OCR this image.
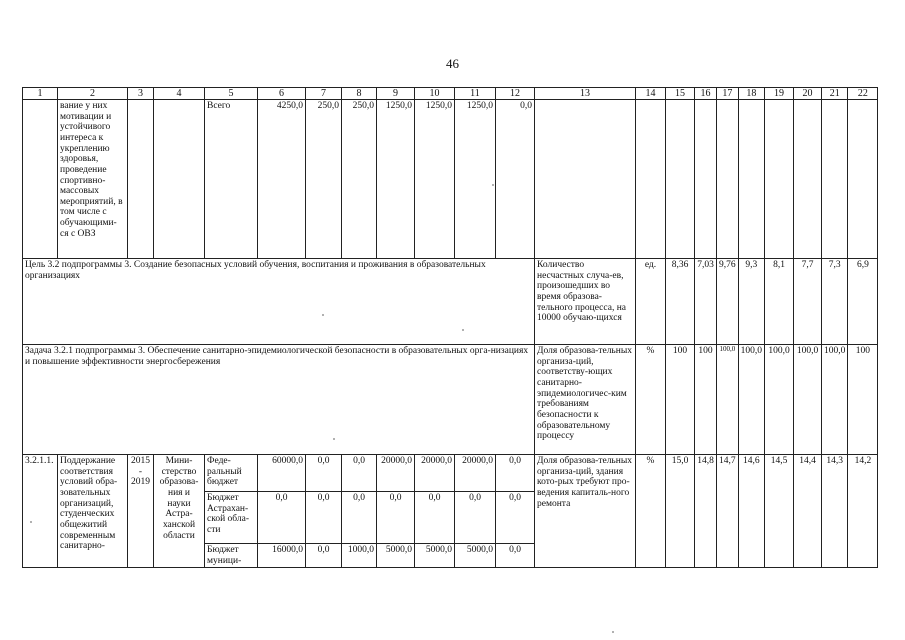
46
1	2	3	4	5	6	7	8	9	10	11	12	13	14	15	16	17	18	19	20	21	22
	вание у них мотивации и устойчивого интереса к укреплению здоровья, проведение спортивно-массовых мероприятий, в том числе с обучающими-ся с ОВЗ			Всего	4250,0	250,0	250,0	1250,0	1250,0	1250,0	0,0										
Цель 3.2 подпрограммы 3. Создание безопасных условий обучения, воспитания и проживания в образовательных организациях												Количество несчастных случа-ев, произошедших во время образова-тельного процесса, на 10000 обучаю-щихся	ед.	8,36	7,03	9,76	9,3	8,1	7,7	7,3	6,9
Задача 3.2.1 подпрограммы 3. Обеспечение санитарно-эпидемиологической безопасности в образовательных орга-низациях и повышение эффективности энергосбережения												Доля образова-тельных организа-ций, соответству-ющих санитарно-эпидемиологичес-ким требованиям безопасности к образовательному процессу	%	100	100	100,0	100,0	100,0	100,0	100,0	100
3.2.1.1.	Поддержание соответствия условий обра-зовательных организаций, студенческих общежитий современным санитарно-	2015 - 2019	Мини-стерство образова-ния и науки Астра-ханской области	Феде-ральный бюджет	60000,0	0,0	0,0	20000,0	20000,0	20000,0	0,0	Доля образова-тельных организа-ций, здания кото-рых требуют про-ведения капиталь-ного ремонта	%	15,0	14,8	14,7	14,6	14,5	14,4	14,3	14,2
				Бюджет Астрахан-ской обла-сти	0,0	0,0	0,0	0,0	0,0	0,0	0,0										
				Бюджет муници-	16000,0	0,0	1000,0	5000,0	5000,0	5000,0	0,0										
